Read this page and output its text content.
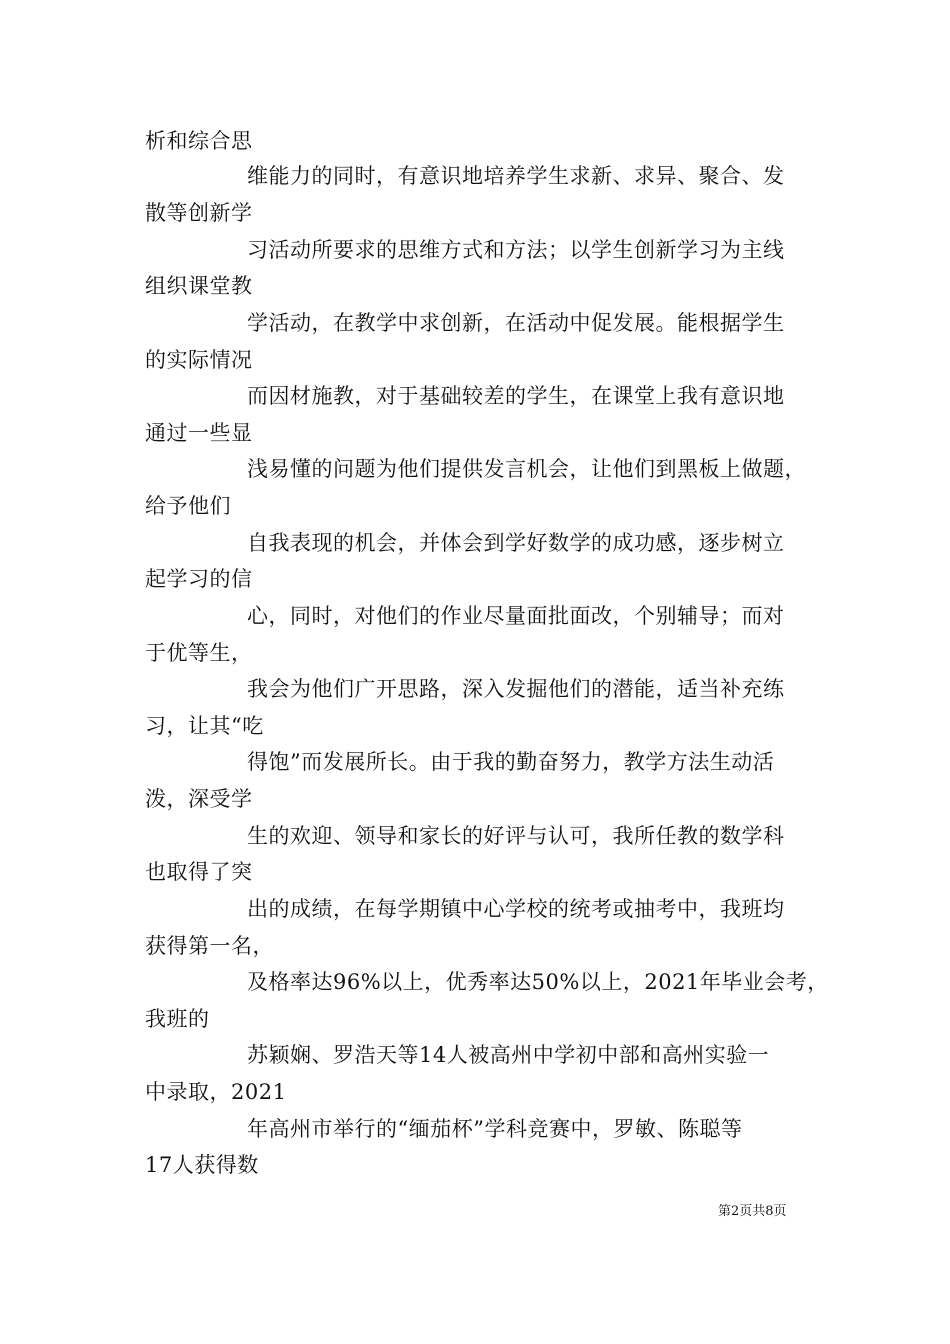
析和综合思
维能力的同时，有意识地培养学生求新、求异、聚合、发
散等创新学
习活动所要求的思维方式和方法；以学生创新学习为主线
组织课堂教
学活动，在教学中求创新，在活动中促发展。能根据学生
的实际情况
而因材施教，对于基础较差的学生，在课堂上我有意识地
通过一些显
浅易懂的问题为他们提供发言机会，让他们到黑板上做题，
给予他们
自我表现的机会，并体会到学好数学的成功感，逐步树立
起学习的信
心，同时，对他们的作业尽量面批面改，个别辅导；而对
于优等生，
我会为他们广开思路，深入发掘他们的潜能，适当补充练
习，让其“吃
得饱”而发展所长。由于我的勤奋努力，教学方法生动活
泼，深受学
生的欢迎、领导和家长的好评与认可，我所任教的数学科
也取得了突
出的成绩，在每学期镇中心学校的统考或抽考中，我班均
获得第一名，
及格率达96%以上，优秀率达50%以上，2021年毕业会考，
我班的
苏颖娴、罗浩天等14人被高州中学初中部和高州实验一
中录取，2021
年高州市举行的“缅茄杯”学科竞赛中，罗敏、陈聪等
17人获得数
第2页共8页
